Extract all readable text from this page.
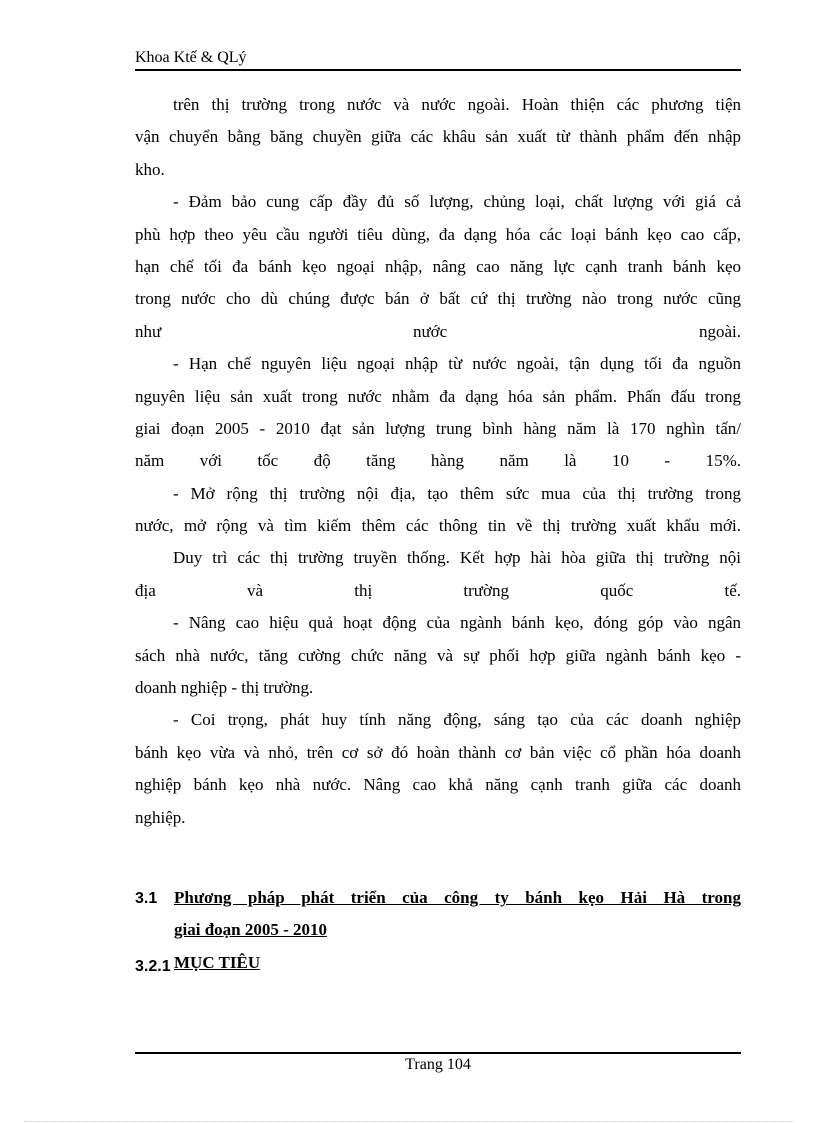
Khoa Ktế & QLý
trên thị trường trong nước và nước ngoài. Hoàn thiện các phương tiện
vận chuyển bằng băng chuyền giữa các khâu sản xuất từ thành phẩm đến nhập
kho.
- Đảm bảo cung cấp đầy đủ số lượng, chủng loại, chất lượng với giá cả
phù hợp theo yêu cầu người tiêu dùng, đa dạng hóa các loại bánh kẹo cao cấp,
hạn chế tối đa bánh kẹo ngoại nhập, nâng cao năng lực cạnh tranh bánh kẹo
trong nước cho dù chúng được bán ở bất cứ thị trường nào trong nước cũng
như nước ngoài.
- Hạn chế nguyên liệu ngoại nhập từ nước ngoài, tận dụng tối đa nguồn
nguyên liệu sản xuất trong nước nhằm đa dạng hóa sản phẩm. Phấn đấu trong
giai đoạn 2005 - 2010 đạt sản lượng trung bình hàng năm là 170 nghìn tấn/
năm với tốc độ tăng hàng năm là 10 - 15%.
- Mở rộng thị trường nội địa, tạo thêm sức mua của thị trường trong
nước, mở rộng và tìm kiếm thêm các thông tin về thị trường xuất khẩu mới.
Duy trì các thị trường truyền thống. Kết hợp hài hòa giữa thị trường nội
địa và thị trường quốc tế.
- Nâng cao hiệu quả hoạt động của ngành bánh kẹo, đóng góp vào ngân
sách nhà nước, tăng cường chức năng và sự phối hợp giữa ngành bánh kẹo -
doanh nghiệp - thị trường.
- Coi trọng, phát huy tính năng động, sáng tạo của các doanh nghiệp
bánh kẹo vừa và nhỏ, trên cơ sở đó hoàn thành cơ bản việc cổ phần hóa doanh
nghiệp bánh kẹo nhà nước. Nâng cao khả năng cạnh tranh giữa các doanh
nghiệp.
3.1 Phương pháp phát triển của công ty bánh kẹo Hải Hà trong
giai đoạn 2005 - 2010
3.2.1 MỤC TIÊU
Trang 104
